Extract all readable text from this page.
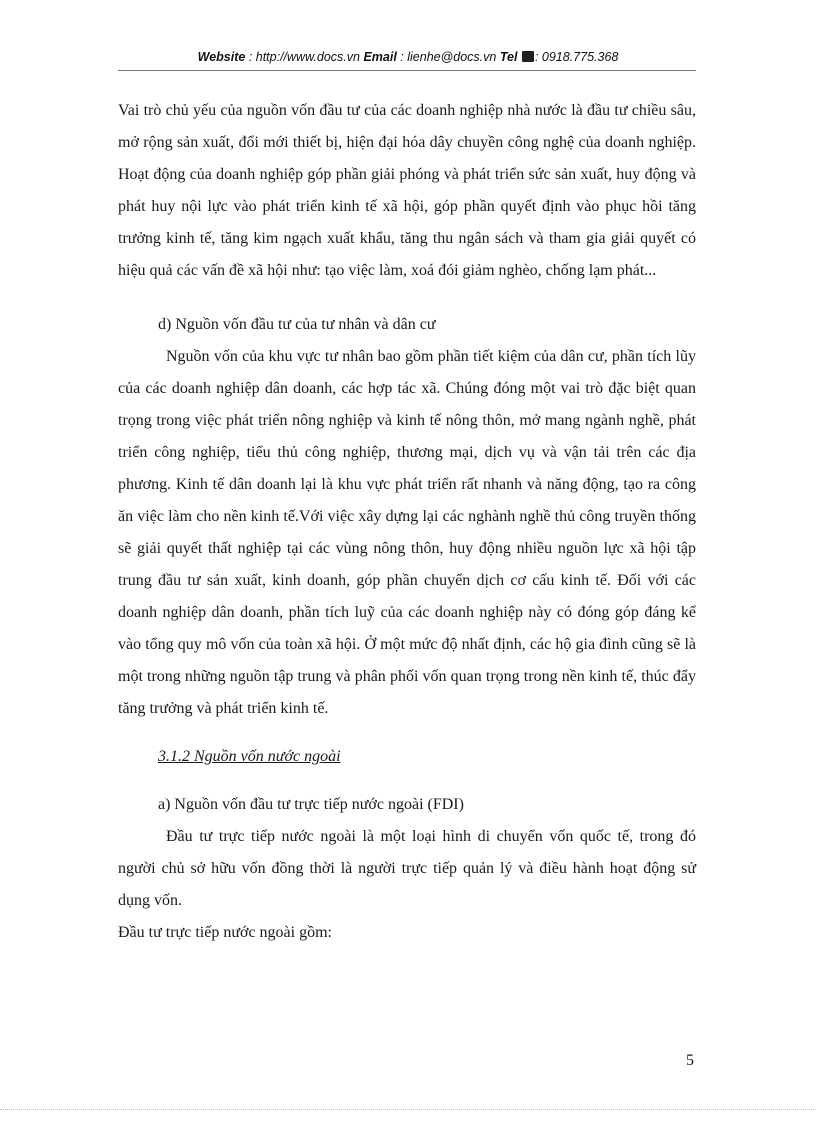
Website : http://www.docs.vn Email : lienhe@docs.vn Tel : 0918.775.368

Vai trò chủ yếu của nguồn vốn đầu tư của các doanh nghiệp nhà nước là đầu tư chiều sâu, mở rộng sản xuất, đổi mới thiết bị, hiện đại hóa dây chuyền công nghệ của doanh nghiệp. Hoạt động của doanh nghiệp góp phần giải phóng và phát triển sức sản xuất, huy động và phát huy nội lực vào phát triển kinh tế xã hội, góp phần quyết định vào phục hồi tăng trưởng kinh tế, tăng kim ngạch xuất khẩu, tăng thu ngân sách và tham gia giải quyết có hiệu quả các vấn đề xã hội như: tạo việc làm, xoá đói giảm nghèo, chống lạm phát...

d) Nguồn vốn đầu tư của tư nhân và dân cư

Nguồn vốn của khu vực tư nhân bao gồm phần tiết kiệm của dân cư, phần tích lũy của các doanh nghiệp dân doanh, các hợp tác xã. Chúng đóng một vai trò đặc biệt quan trọng trong việc phát triển nông nghiệp và kinh tế nông thôn, mở mang ngành nghề, phát triển công nghiệp, tiểu thủ công nghiệp, thương mại, dịch vụ và vận tải trên các địa phương. Kinh tế dân doanh lại là khu vực phát triển rất nhanh và năng động, tạo ra công ăn việc làm cho nền kinh tế.Với việc xây dựng lại các nghành nghề thủ công truyền thống sẽ giải quyết thất nghiệp tại các vùng nông thôn, huy động nhiều nguồn lực xã hội tập trung đầu tư sản xuất, kinh doanh, góp phần chuyển dịch cơ cấu kinh tế. Đối với các doanh nghiệp dân doanh, phần tích luỹ của các doanh nghiệp này có đóng góp đáng kể vào tổng quy mô vốn của toàn xã hội. Ở một mức độ nhất định, các hộ gia đình cũng sẽ là một trong những nguồn tập trung và phân phối vốn quan trọng trong nền kinh tế, thúc đẩy tăng trưởng và phát triển kinh tế.

3.1.2 Nguồn vốn nước ngoài

a) Nguồn vốn đầu tư trực tiếp nước ngoài (FDI)

Đầu tư trực tiếp nước ngoài là một loại hình di chuyển vốn quốc tế, trong đó người chủ sở hữu vốn đồng thời là người trực tiếp quản lý và điều hành hoạt động sử dụng vốn.

Đầu tư trực tiếp nước ngoài gồm:

5
